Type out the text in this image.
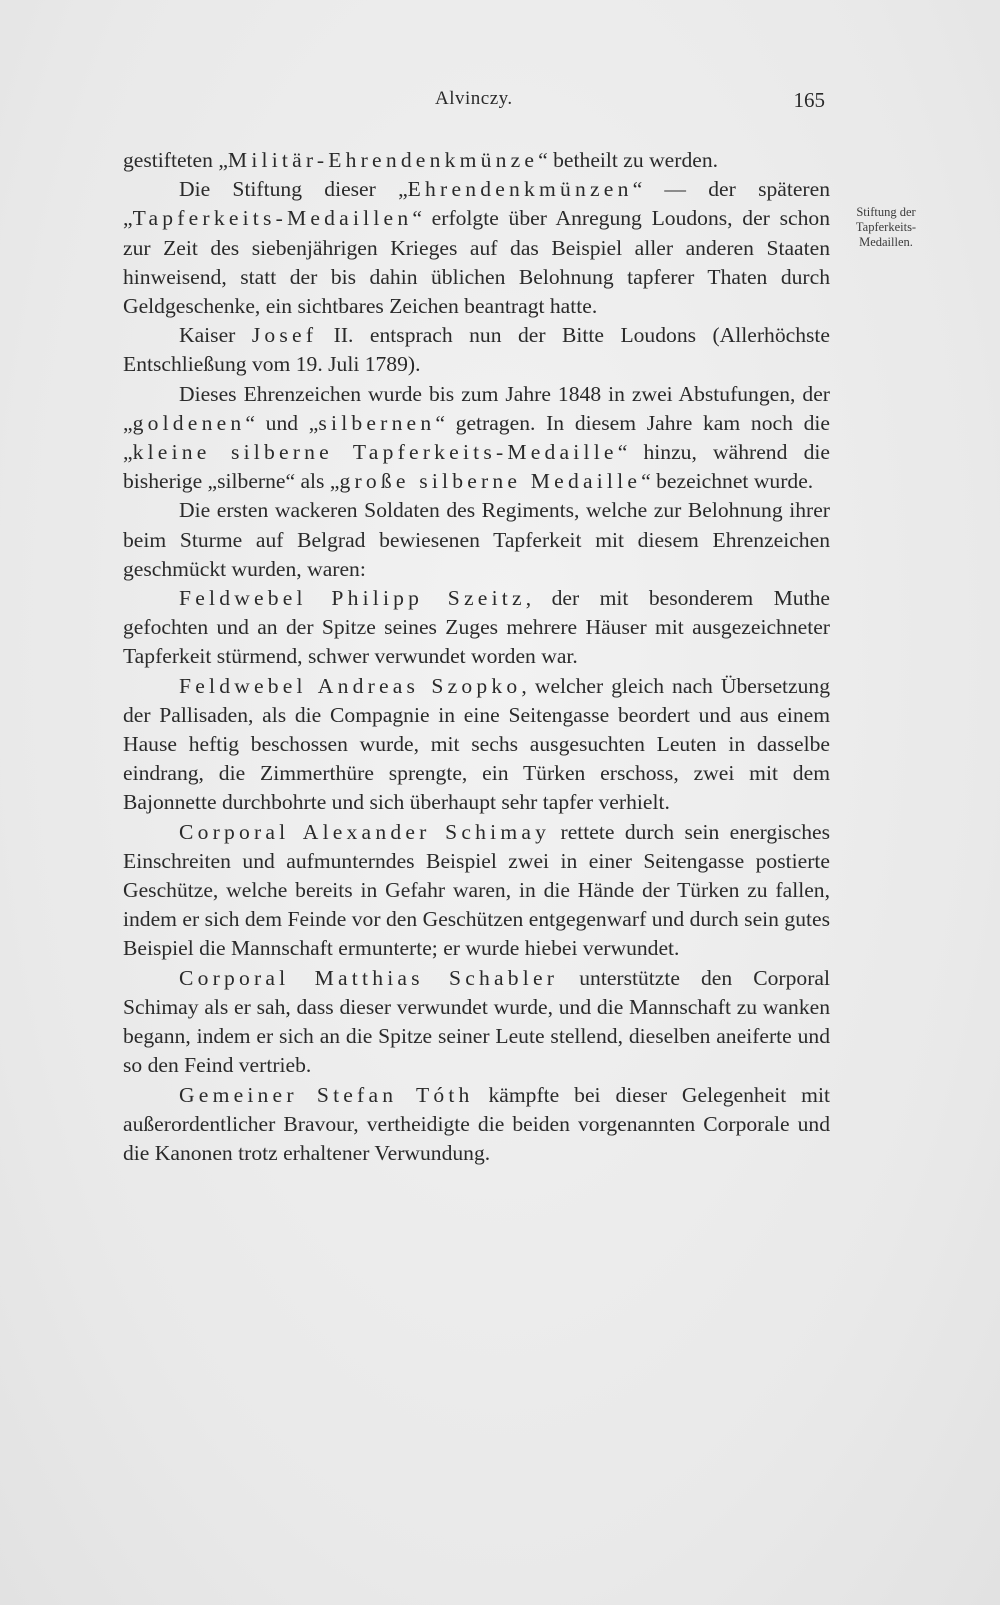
Alvinczy.	165
Stiftung der
Tapferkeits-
Medaillen.

gestifteten „Militär-Ehrendenkmünze“ betheilt zu werden.

Die Stiftung dieser „Ehrendenkmünzen“ — der späteren „Tapferkeits-Medaillen“ erfolgte über Anregung Loudons, der schon zur Zeit des siebenjährigen Krieges auf das Beispiel aller anderen Staaten hinweisend, statt der bis dahin üblichen Belohnung tapferer Thaten durch Geldgeschenke, ein sichtbares Zeichen beantragt hatte.

Kaiser Josef II. entsprach nun der Bitte Loudons (Allerhöchste Entschließung vom 19. Juli 1789).

Dieses Ehrenzeichen wurde bis zum Jahre 1848 in zwei Abstufungen, der „goldenen“ und „silbernen“ getragen. In diesem Jahre kam noch die „kleine silberne Tapferkeits-Medaille“ hinzu, während die bisherige „silberne“ als „große silberne Medaille“ bezeichnet wurde.

Die ersten wackeren Soldaten des Regiments, welche zur Belohnung ihrer beim Sturme auf Belgrad bewiesenen Tapferkeit mit diesem Ehrenzeichen geschmückt wurden, waren:

Feldwebel Philipp Szeitz, der mit besonderem Muthe gefochten und an der Spitze seines Zuges mehrere Häuser mit ausgezeichneter Tapferkeit stürmend, schwer verwundet worden war.

Feldwebel Andreas Szopko, welcher gleich nach Übersetzung der Pallisaden, als die Compagnie in eine Seitengasse beordert und aus einem Hause heftig beschossen wurde, mit sechs ausgesuchten Leuten in dasselbe eindrang, die Zimmerthüre sprengte, ein Türken erschoss, zwei mit dem Bajonnette durchbohrte und sich überhaupt sehr tapfer verhielt.

Corporal Alexander Schimay rettete durch sein energisches Einschreiten und aufmunterndes Beispiel zwei in einer Seitengasse postierte Geschütze, welche bereits in Gefahr waren, in die Hände der Türken zu fallen, indem er sich dem Feinde vor den Geschützen entgegenwarf und durch sein gutes Beispiel die Mannschaft ermunterte; er wurde hiebei verwundet.

Corporal Matthias Schabler unterstützte den Corporal Schimay als er sah, dass dieser verwundet wurde, und die Mannschaft zu wanken begann, indem er sich an die Spitze seiner Leute stellend, dieselben aneiferte und so den Feind vertrieb.

Gemeiner Stefan Tóth kämpfte bei dieser Gelegenheit mit außerordentlicher Bravour, vertheidigte die beiden vorgenannten Corporale und die Kanonen trotz erhaltener Verwundung.
